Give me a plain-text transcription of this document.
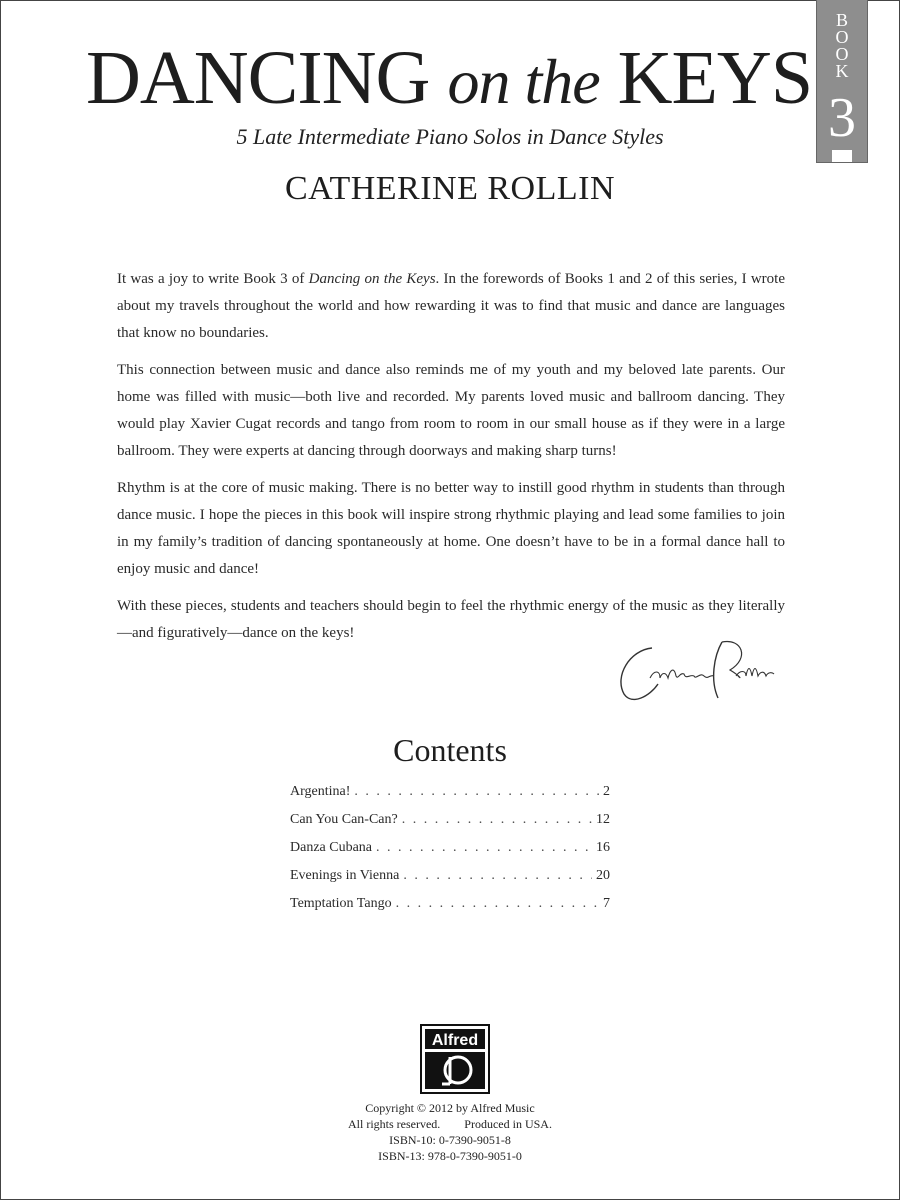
DANCING on the KEYS
B
O
O
K
3
5 Late Intermediate Piano Solos in Dance Styles
CATHERINE ROLLIN

It was a joy to write Book 3 of Dancing on the Keys. In the forewords of Books 1 and 2 of this series, I wrote about my travels throughout the world and how rewarding it was to find that music and dance are languages that know no boundaries.

This connection between music and dance also reminds me of my youth and my beloved late parents. Our home was filled with music—both live and recorded. My parents loved music and ballroom dancing. They would play Xavier Cugat records and tango from room to room in our small house as if they were in a large ballroom. They were experts at dancing through doorways and making sharp turns!

Rhythm is at the core of music making. There is no better way to instill good rhythm in students than through dance music. I hope the pieces in this book will inspire strong rhythmic playing and lead some families to join in my family’s tradition of dancing spontaneously at home. One doesn’t have to be in a formal dance hall to enjoy music and dance!

With these pieces, students and teachers should begin to feel the rhythmic energy of the music as they literally—and figuratively—dance on the keys!

Contents
Argentina! . . .	2
Can You Can-Can? . . .	12
Danza Cubana . . .	16
Evenings in Vienna . . .	20
Temptation Tango . . .	7
Alfred
Copyright © 2012 by Alfred Music
All rights reserved.        Produced in USA.
ISBN-10: 0-7390-9051-8
ISBN-13: 978-0-7390-9051-0
